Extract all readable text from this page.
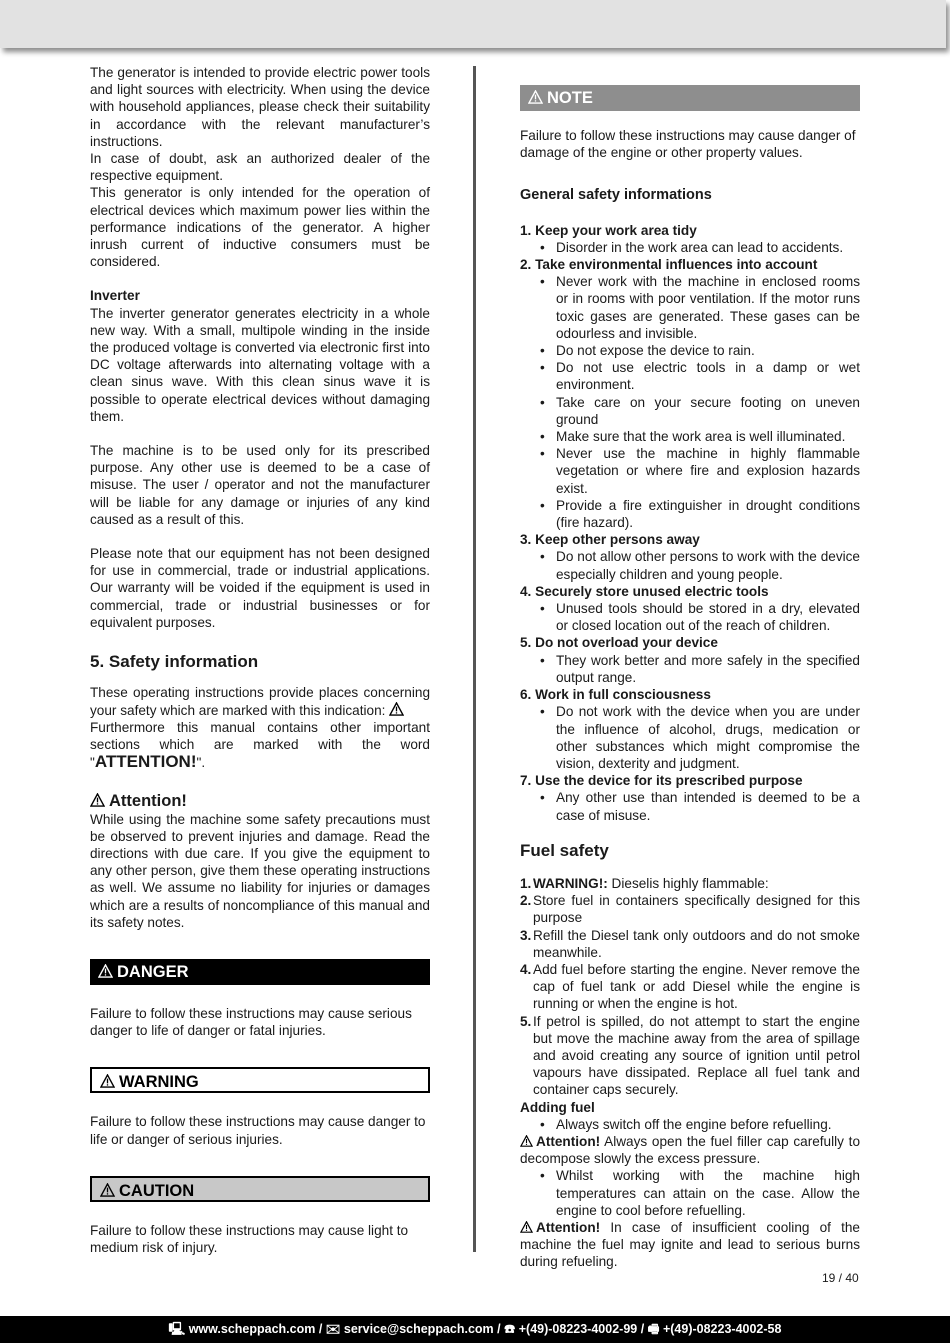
The generator is intended to provide electric power tools and light sources with electricity. When using the device with household appliances, please check their suitability in accordance with the relevant manufacturer’s instructions.

In case of doubt, ask an authorized dealer of the respective equipment.

This generator is only intended for the operation of electrical devices which maximum power lies within the performance indications of the generator. A higher inrush current of inductive consumers must be considered.

Inverter

The inverter generator generates electricity in a whole new way. With a small, multipole winding in the inside the produced voltage is converted via electronic first into DC voltage afterwards into alternating voltage with a clean sinus wave. With this clean sinus wave it is possible to operate electrical devices without damaging them.

The machine is to be used only for its prescribed purpose. Any other use is deemed to be a case of misuse. The user / operator and not the manufacturer will be liable for any damage or injuries of any kind caused as a result of this.

Please note that our equipment has not been designed for use in commercial, trade or industrial applications. Our warranty will be voided if the equipment is used in commercial, trade or industrial businesses or for equivalent purposes.

5. Safety information

These operating instructions provide places concerning your safety which are marked with this indication:

Furthermore this manual contains other important sections which are marked with the word "ATTENTION!".

Attention!

While using the machine some safety precautions must be observed to prevent injuries and damage. Read the directions with due care. If you give the equipment to any other person, give them these operating instructions as well. We assume no liability for injuries or damages which are a results of noncompliance of this manual and its safety notes.

DANGER

Failure to follow these instructions may cause serious danger to life of danger or fatal injuries.

WARNING

Failure to follow these instructions may cause danger to life or danger of serious injuries.

CAUTION

Failure to follow these instructions may cause light to medium risk of injury.

NOTE

Failure to follow these instructions may cause danger of damage of the engine or other property values.

General safety informations
1. Keep your work area tidy
• Disorder in the work area can lead to accidents.
2. Take environmental influences into account
• Never work with the machine in enclosed rooms or in rooms with poor ventilation. If the motor runs toxic gases are generated. These gases can be odourless and invisible.
• Do not expose the device to rain.
• Do not use electric tools in a damp or wet environment.
• Take care on your secure footing on uneven ground
• Make sure that the work area is well illuminated.
• Never use the machine in highly flammable vegetation or where fire and explosion hazards exist.
• Provide a fire extinguisher in drought conditions (fire hazard).
3. Keep other persons away
• Do not allow other persons to work with the device especially children and young people.
4. Securely store unused electric tools
• Unused tools should be stored in a dry, elevated or closed location out of the reach of children.
5. Do not overload your device
• They work better and more safely in the specified output range.
6. Work in full consciousness
• Do not work with the device when you are under the influence of alcohol, drugs, medication or other substances which might compromise the vision, dexterity and judgment.
7. Use the device for its prescribed purpose
• Any other use than intended is deemed to be a case of misuse.
Fuel safety
1. WARNING!: Dieselis highly flammable:
2. Store fuel in containers specifically designed for this purpose
3. Refill the Diesel tank only outdoors and do not smoke meanwhile.
4. Add fuel before starting the engine. Never remove the cap of fuel tank or add Diesel while the engine is running or when the engine is hot.
5. If petrol is spilled, do not attempt to start the engine but move the machine away from the area of spillage and avoid creating any source of ignition until petrol vapours have dissipated. Replace all fuel tank and container caps securely.

Adding fuel

• Always switch off the engine before refuelling.

Attention! Always open the fuel filler cap carefully to decompose slowly the excess pressure.

• Whilst working with the machine high temperatures can attain on the case. Allow the engine to cool before refuelling.

Attention! In case of insufficient cooling of the machine the fuel may ignite and lead to serious burns during refueling.

19 / 40
🖳 www.scheppach.com / ✉ service@scheppach.com / ☎ +(49)-08223-4002-99 / 🖷 +(49)-08223-4002-58
